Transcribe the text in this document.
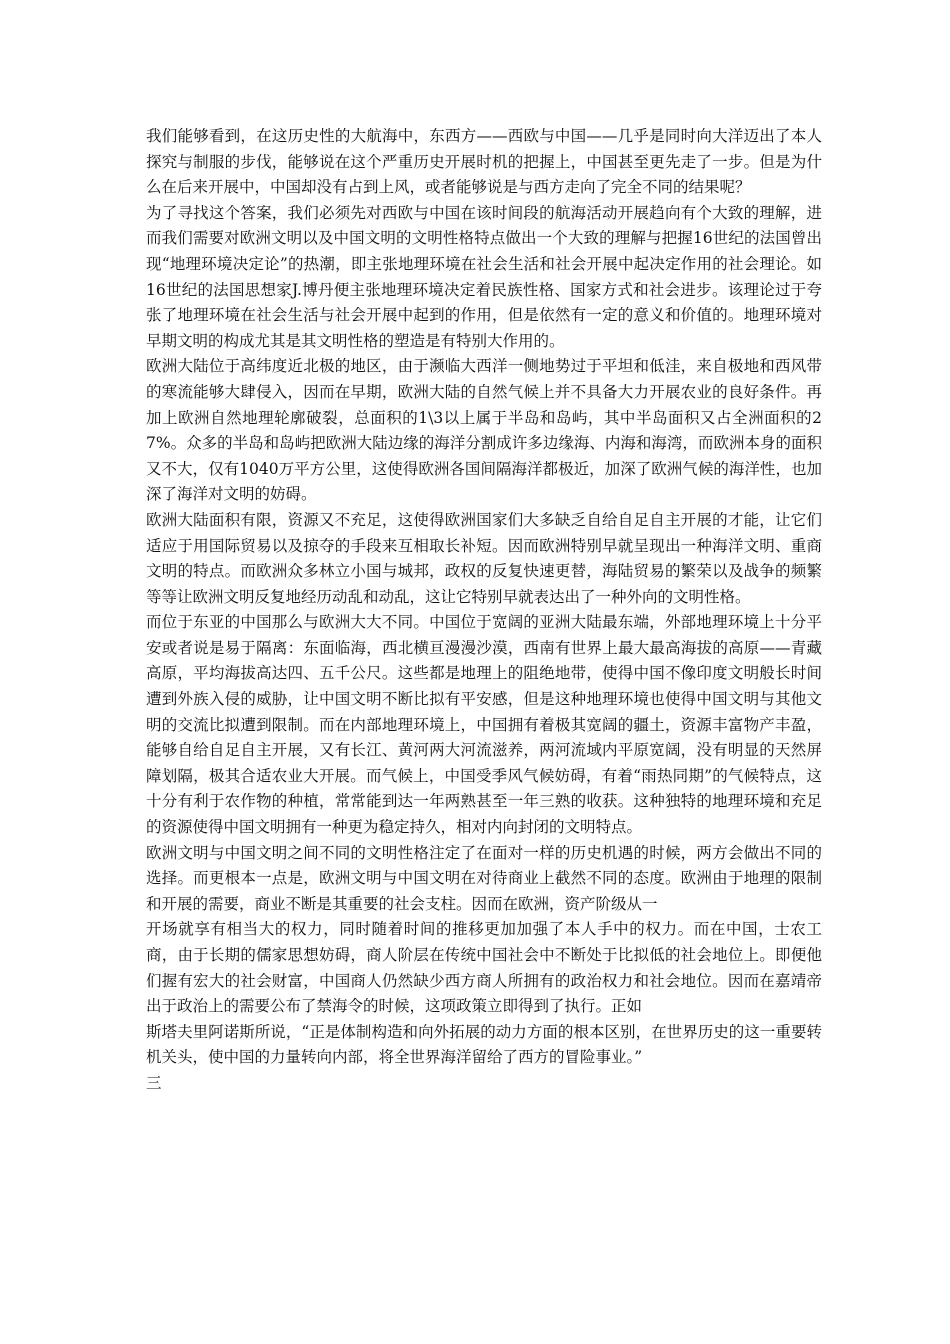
我们能够看到，在这历史性的大航海中，东西方——西欧与中国——几乎是同时向大洋迈出了本人探究与制服的步伐，能够说在这个严重历史开展时机的把握上，中国甚至更先走了一步。但是为什么在后来开展中，中国却没有占到上风，或者能够说是与西方走向了完全不同的结果呢？

为了寻找这个答案，我们必须先对西欧与中国在该时间段的航海活动开展趋向有个大致的理解，进而我们需要对欧洲文明以及中国文明的文明性格特点做出一个大致的理解与把握16世纪的法国曾出现“地理环境决定论”的热潮，即主张地理环境在社会生活和社会开展中起决定作用的社会理论。如16世纪的法国思想家J.博丹便主张地理环境决定着民族性格、国家方式和社会进步。该理论过于夸张了地理环境在社会生活与社会开展中起到的作用，但是依然有一定的意义和价值的。地理环境对早期文明的构成尤其是其文明性格的塑造是有特别大作用的。

欧洲大陆位于高纬度近北极的地区，由于濒临大西洋一侧地势过于平坦和低洼，来自极地和西风带的寒流能够大肆侵入，因而在早期，欧洲大陆的自然气候上并不具备大力开展农业的良好条件。再加上欧洲自然地理轮廓破裂，总面积的1\3以上属于半岛和岛屿，其中半岛面积又占全洲面积的27%。众多的半岛和岛屿把欧洲大陆边缘的海洋分割成许多边缘海、内海和海湾，而欧洲本身的面积又不大，仅有1040万平方公里，这使得欧洲各国间隔海洋都极近，加深了欧洲气候的海洋性，也加深了海洋对文明的妨碍。

欧洲大陆面积有限，资源又不充足，这使得欧洲国家们大多缺乏自给自足自主开展的才能，让它们适应于用国际贸易以及掠夺的手段来互相取长补短。因而欧洲特别早就呈现出一种海洋文明、重商文明的特点。而欧洲众多林立小国与城邦，政权的反复快速更替，海陆贸易的繁荣以及战争的频繁等等让欧洲文明反复地经历动乱和动乱，这让它特别早就表达出了一种外向的文明性格。

而位于东亚的中国那么与欧洲大大不同。中国位于宽阔的亚洲大陆最东端，外部地理环境上十分平安或者说是易于隔离：东面临海，西北横亘漫漫沙漠，西南有世界上最大最高海拔的高原——青藏高原，平均海拔高达四、五千公尺。这些都是地理上的阻绝地带，使得中国不像印度文明般长时间遭到外族入侵的威胁，让中国文明不断比拟有平安感，但是这种地理环境也使得中国文明与其他文明的交流比拟遭到限制。而在内部地理环境上，中国拥有着极其宽阔的疆土，资源丰富物产丰盈，能够自给自足自主开展，又有长江、黄河两大河流滋养，两河流域内平原宽阔，没有明显的天然屏障划隔，极其合适农业大开展。而气候上，中国受季风气候妨碍，有着“雨热同期”的气候特点，这十分有利于农作物的种植，常常能到达一年两熟甚至一年三熟的收获。这种独特的地理环境和充足的资源使得中国文明拥有一种更为稳定持久，相对内向封闭的文明特点。

欧洲文明与中国文明之间不同的文明性格注定了在面对一样的历史机遇的时候，两方会做出不同的选择。而更根本一点是，欧洲文明与中国文明在对待商业上截然不同的态度。欧洲由于地理的限制和开展的需要，商业不断是其重要的社会支柱。因而在欧洲，资产阶级从一

开场就享有相当大的权力，同时随着时间的推移更加加强了本人手中的权力。而在中国，士农工商，由于长期的儒家思想妨碍，商人阶层在传统中国社会中不断处于比拟低的社会地位上。即便他们握有宏大的社会财富，中国商人仍然缺少西方商人所拥有的政治权力和社会地位。因而在嘉靖帝出于政治上的需要公布了禁海令的时候，这项政策立即得到了执行。正如

斯塔夫里阿诺斯所说，“正是体制构造和向外拓展的动力方面的根本区别，在世界历史的这一重要转机关头，使中国的力量转向内部，将全世界海洋留给了西方的冒险事业。”

三
